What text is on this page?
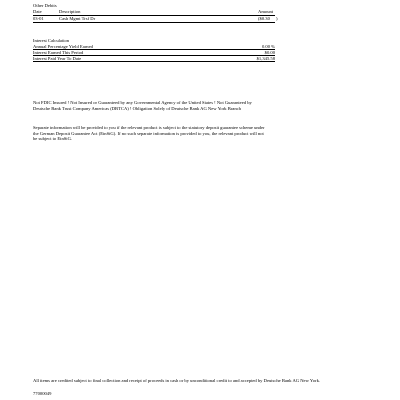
Other Debits
Date	Description	Amount
03-01	Cash Mgmt Trsf Dr	($0.30 )
Interest Calculation
Annual Percentage Yield Earned	0.00 %
Interest Earned This Period	$0.00
Interest Paid Year To Date	$1,345.58

Not FDIC Insured ! Not Insured or Guaranteed by any Governmental Agency of the United States ! Not Guaranteed by Deutsche Bank Trust Company Americas (DBTCA) ! Obligation Solely of Deutsche Bank AG New York Branch

Separate information will be provided to you if the relevant product is subject to the statutory deposit guarantee scheme under the German Deposit Guarantee Act (EinSiG). If no such separate information is provided to you, the relevant product will not be subject to EinSiG.

All items are credited subject to final collection and receipt of proceeds in cash or by unconditional credit to and accepted by Deutsche Bank AG New York.
77000049
